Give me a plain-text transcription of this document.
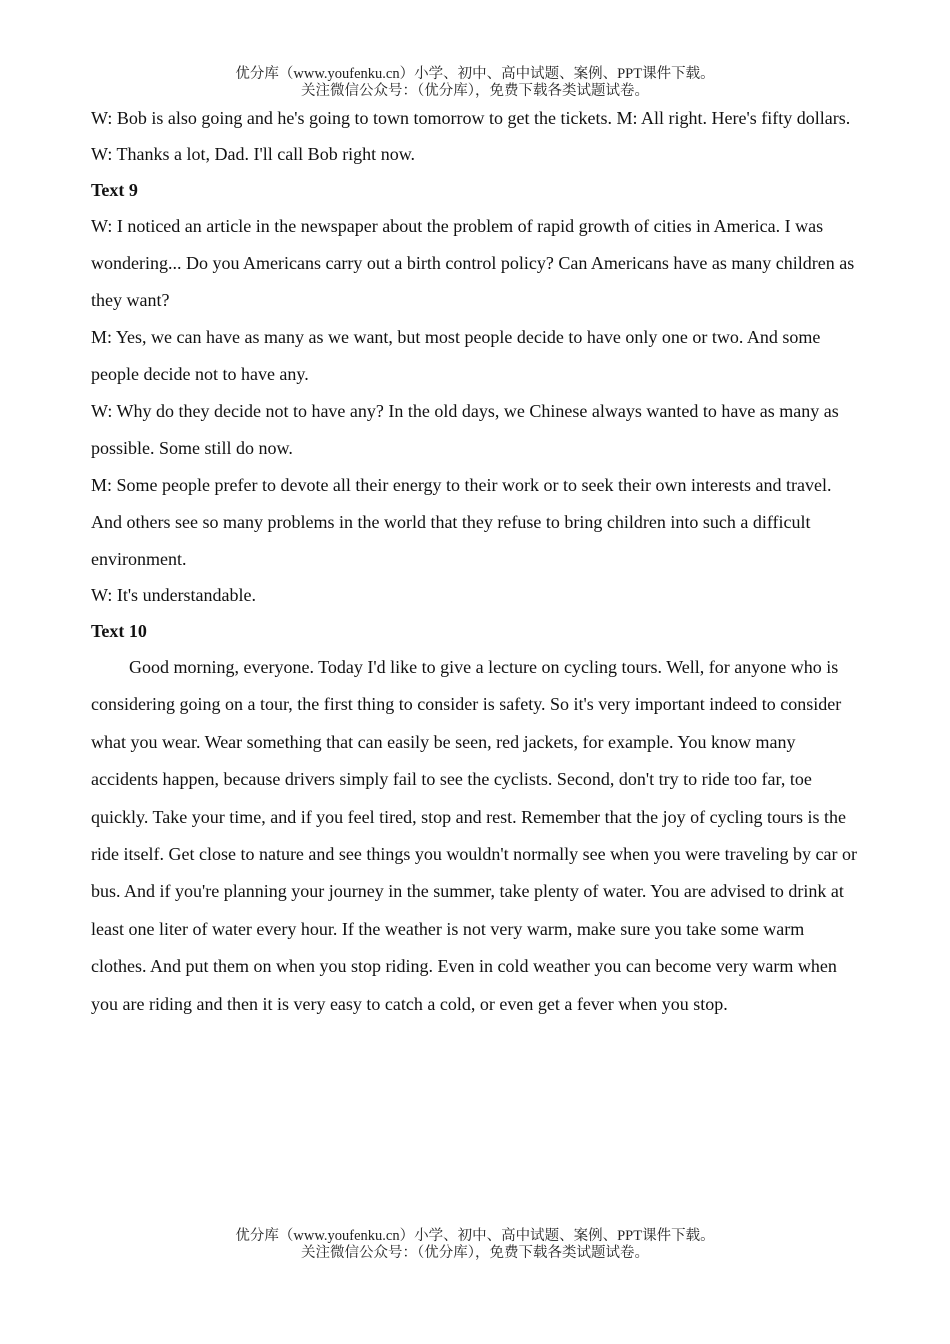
优分库（www.youfenku.cn）小学、初中、高中试题、案例、PPT课件下载。
关注微信公众号：（优分库），免费下载各类试题试卷。

W: Bob is also going and he's going to town tomorrow to get the tickets. M: All right. Here's fifty dollars.

W: Thanks a lot, Dad. I'll call Bob right now.

Text 9

W: I noticed an article in the newspaper about the problem of rapid growth of cities in America. I was wondering... Do you Americans carry out a birth control policy? Can Americans have as many children as they want?

M: Yes, we can have as many as we want, but most people decide to have only one or two. And some people decide not to have any.

W: Why do they decide not to have any? In the old days, we Chinese always wanted to have as many as possible. Some still do now.

M: Some people prefer to devote all their energy to their work or to seek their own interests and travel. And others see so many problems in the world that they refuse to bring children into such a difficult environment.

W: It's understandable.

Text 10

Good morning, everyone. Today I'd like to give a lecture on cycling tours. Well, for anyone who is considering going on a tour, the first thing to consider is safety. So it's very important indeed to consider what you wear. Wear something that can easily be seen, red jackets, for example. You know many accidents happen, because drivers simply fail to see the cyclists. Second, don't try to ride too far, toe quickly. Take your time, and if you feel tired, stop and rest. Remember that the joy of cycling tours is the ride itself. Get close to nature and see things you wouldn't normally see when you were traveling by car or bus. And if you're planning your journey in the summer, take plenty of water. You are advised to drink at least one liter of water every hour. If the weather is not very warm, make sure you take some warm clothes. And put them on when you stop riding. Even in cold weather you can become very warm when you are riding and then it is very easy to catch a cold, or even get a fever when you stop.

优分库（www.youfenku.cn）小学、初中、高中试题、案例、PPT课件下载。
关注微信公众号：（优分库），免费下载各类试题试卷。
